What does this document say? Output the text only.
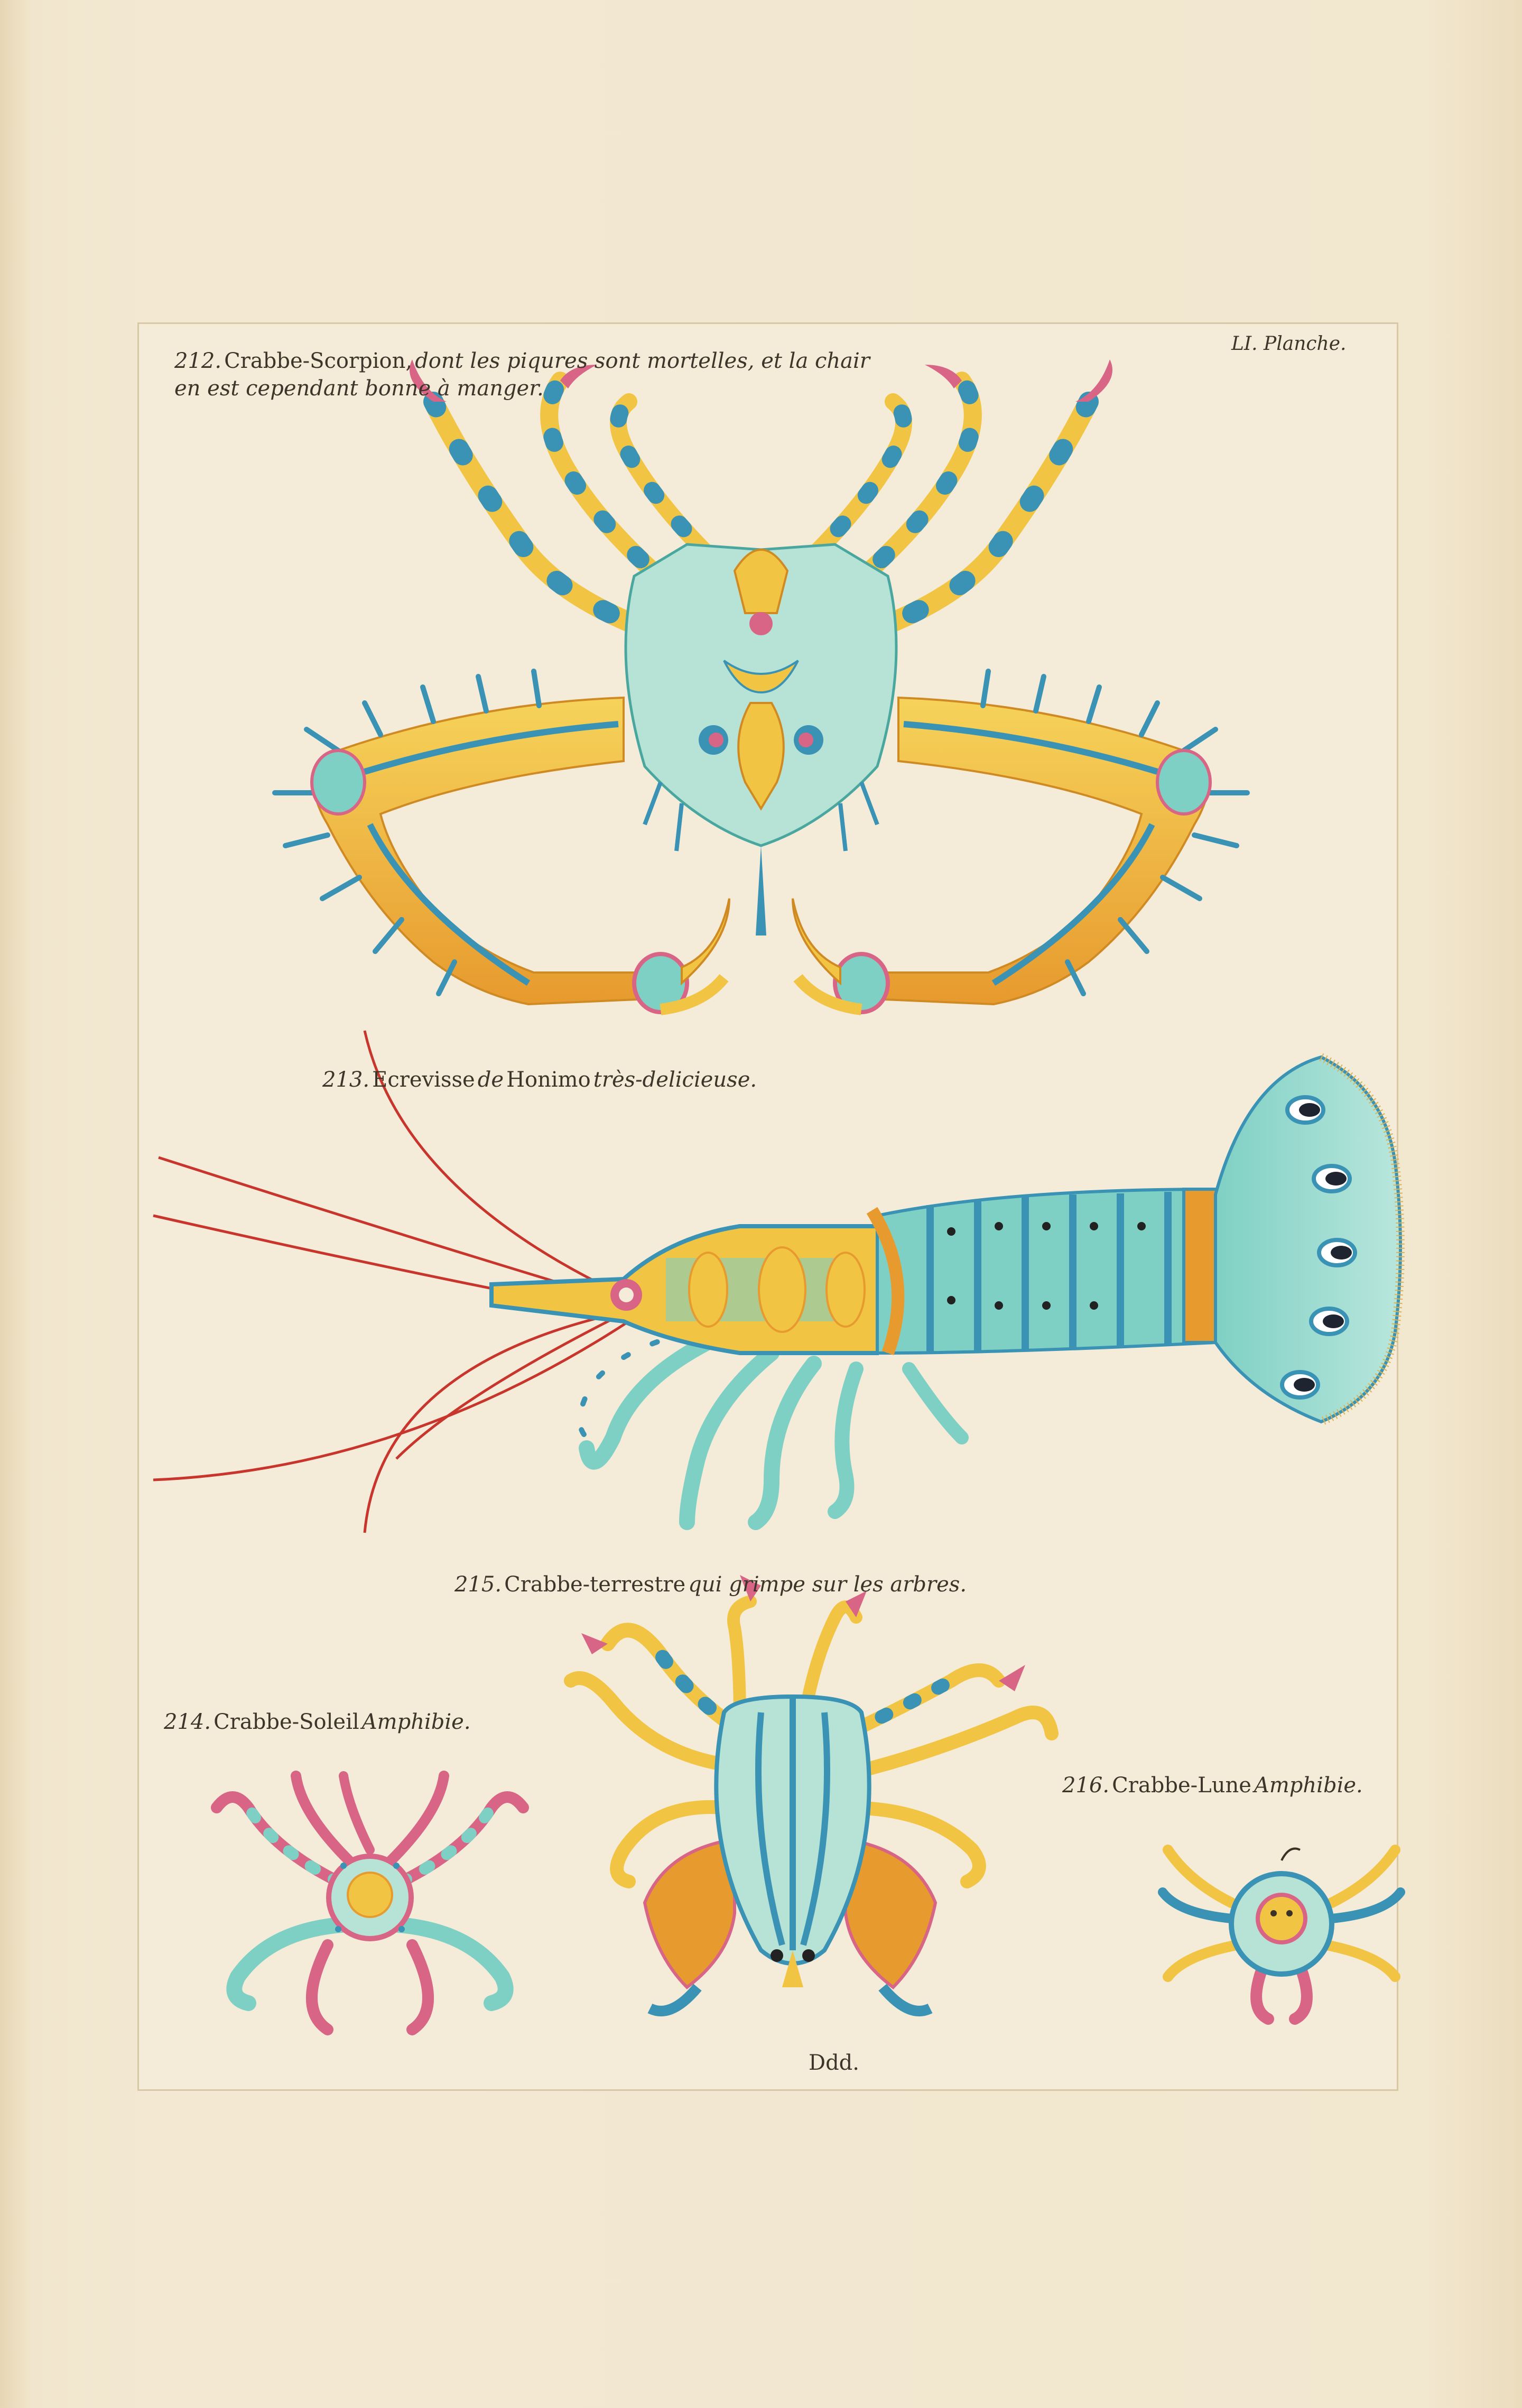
212. Crabbe-Scorpion, dont les piqures sont mortelles, et la chair
en est cependant bonne à manger.
LI. Planche.
213. Ecrevisse de Honimo très-delicieuse.
215. Crabbe-terrestre qui grimpe sur les arbres.
214. Crabbe-Soleil Amphibie.
216. Crabbe-Lune Amphibie.
Ddd.
